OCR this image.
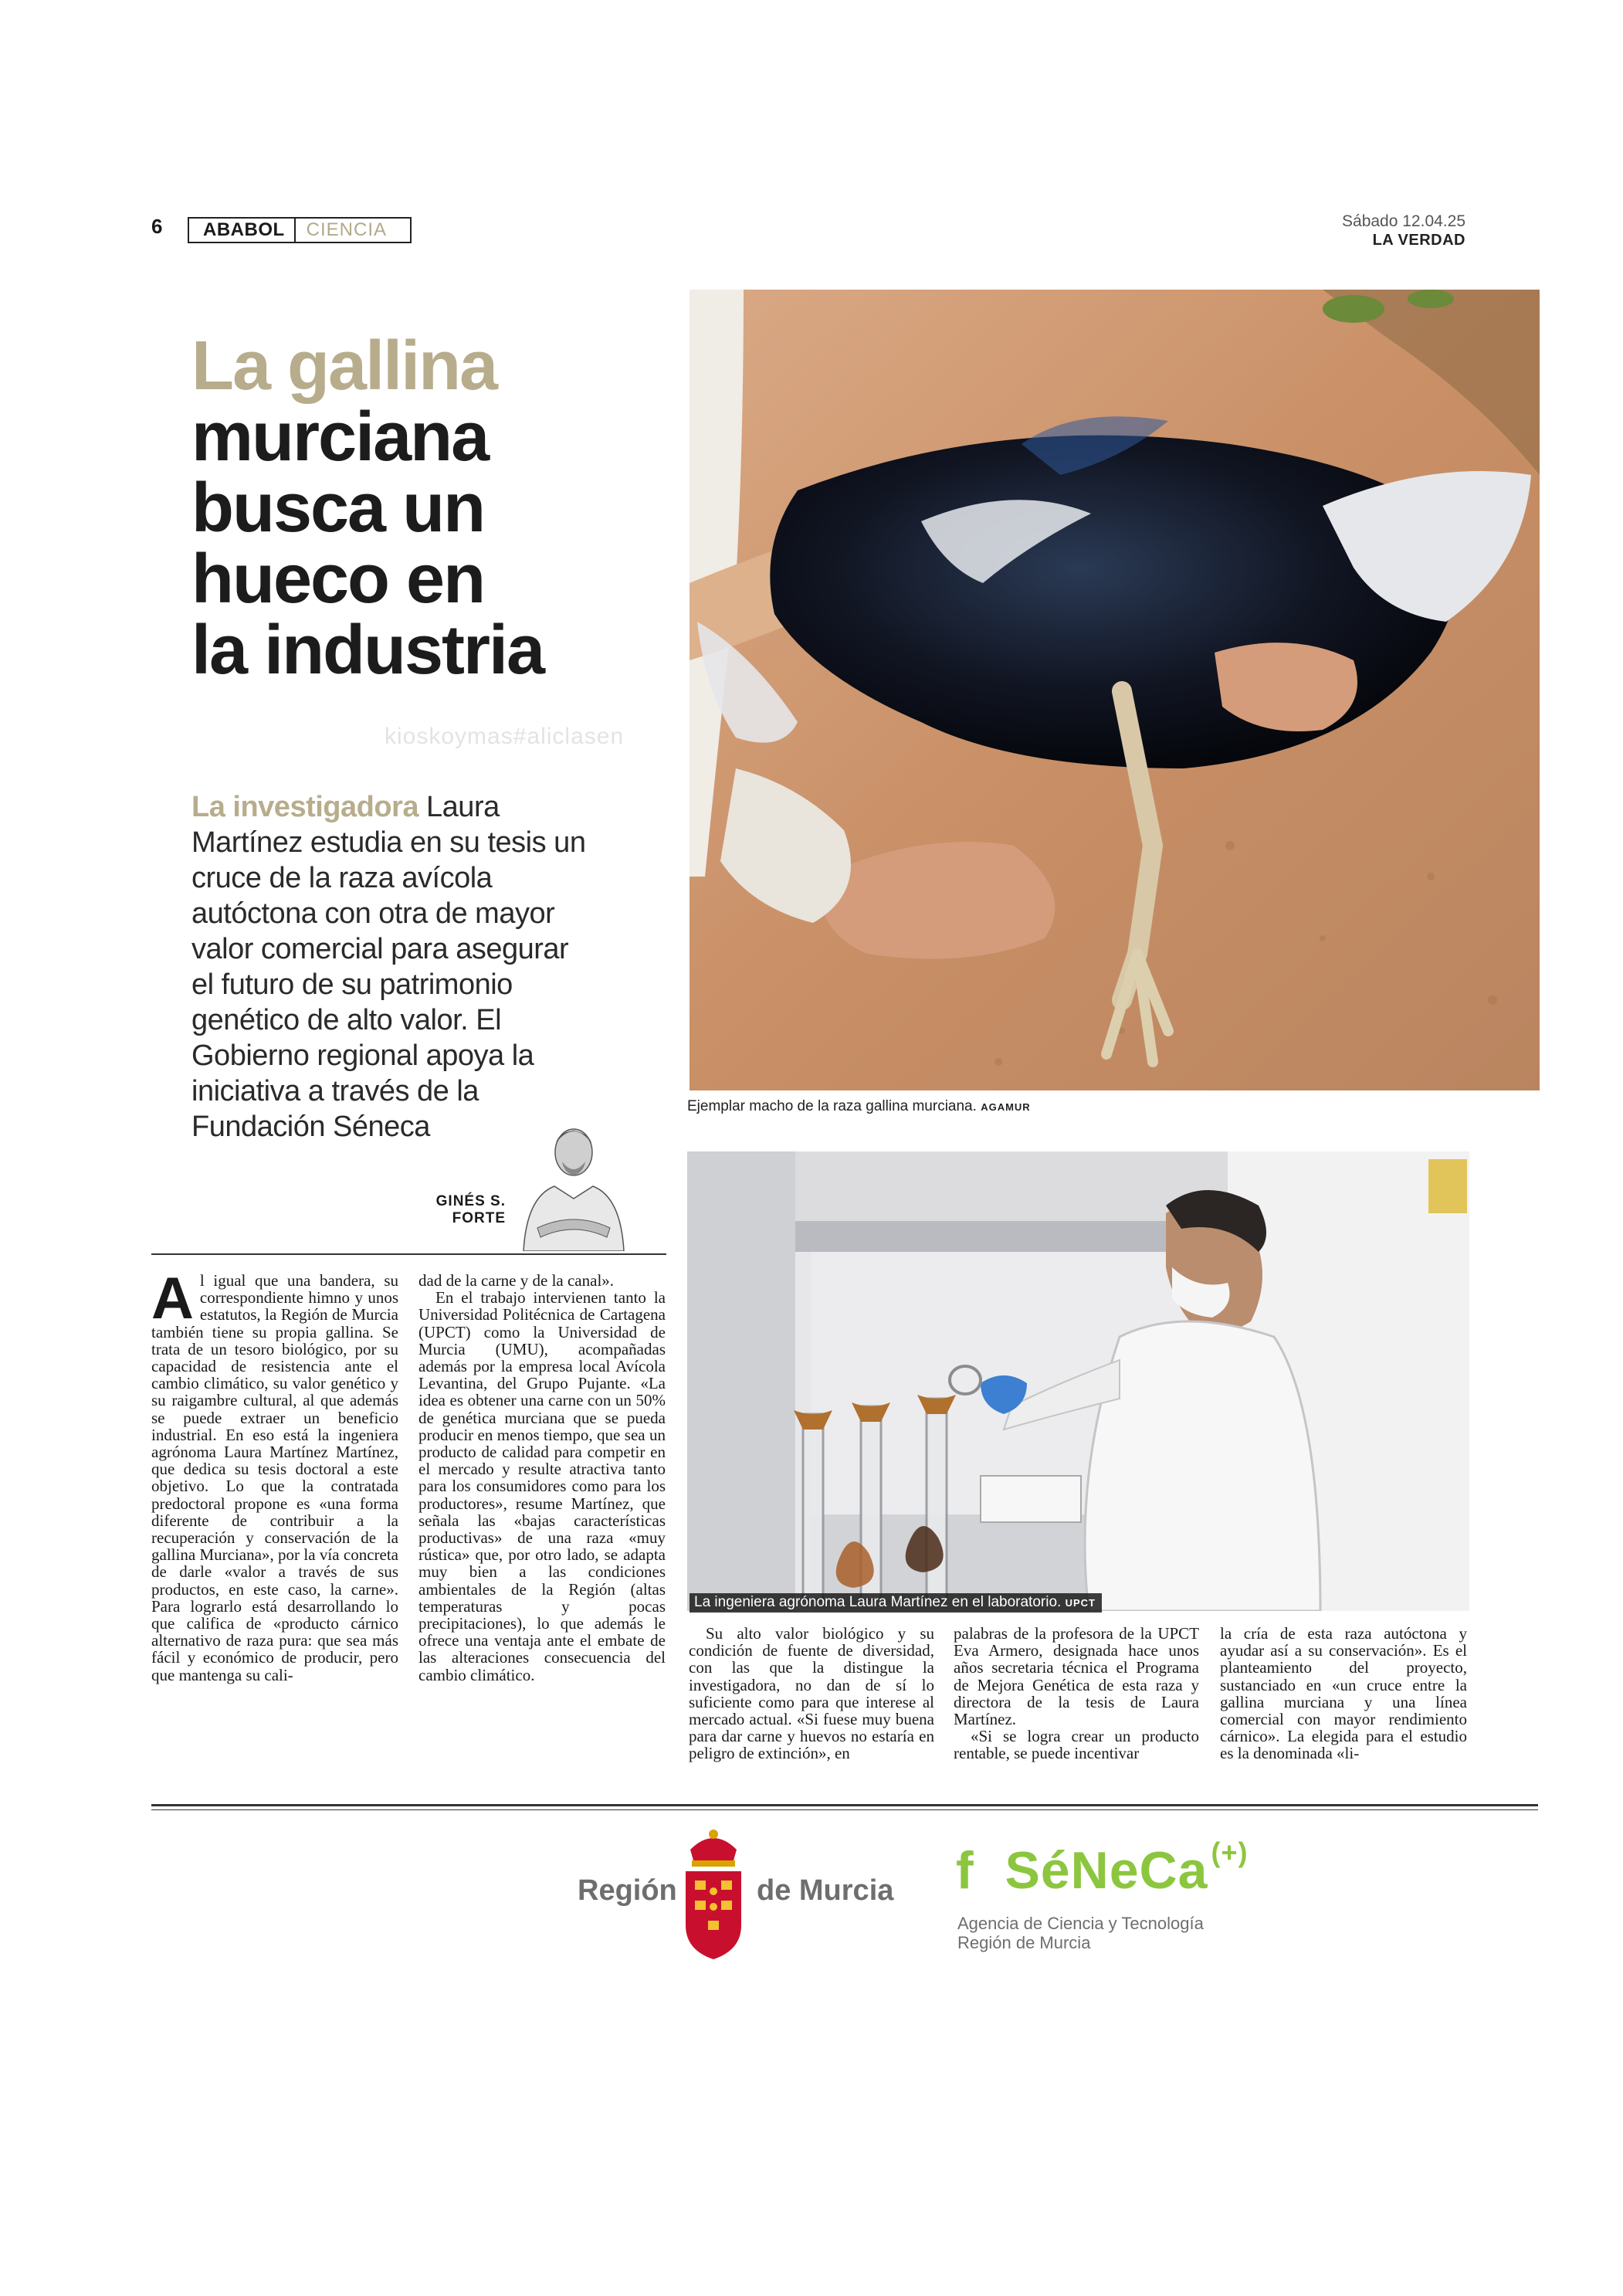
6	ABABOL	CIENCIA	Sábado 12.04.25
LA VERDAD
La gallina
murciana
busca un
hueco en
la industria
kioskoymas#aliclasen
La investigadora Laura Martínez estudia en su tesis un cruce de la raza avícola autóctona con otra de mayor valor comercial para asegurar el futuro de su patrimonio genético de alto valor. El Gobierno regional apoya la iniciativa a través de la Fundación Séneca
GINÉS S.
FORTE
Ejemplar macho de la raza gallina murciana. AGAMUR
La ingeniera agrónoma Laura Martínez en el laboratorio. UPCT

Al igual que una bandera, su correspondiente himno y unos estatutos, la Región de Murcia también tiene su propia gallina. Se trata de un tesoro biológico, por su capacidad de resistencia ante el cambio climático, su valor genético y su raigambre cultural, al que además se puede extraer un beneficio industrial. En eso está la ingeniera agrónoma Laura Martínez Martínez, que dedica su tesis doctoral a este objetivo. Lo que la contratada predoctoral propone es «una forma diferente de contribuir a la recuperación y conservación de la gallina Murciana», por la vía concreta de darle «valor a través de sus productos, en este caso, la carne». Para lograrlo está desarrollando lo que califica de «producto cárnico alternativo de raza pura: que sea más fácil y económico de producir, pero que mantenga su cali-

dad de la carne y de la canal».

En el trabajo intervienen tanto la Universidad Politécnica de Cartagena (UPCT) como la Universidad de Murcia (UMU), acompañadas además por la empresa local Avícola Levantina, del Grupo Pujante. «La idea es obtener una carne con un 50% de genética murciana que se pueda producir en menos tiempo, que sea un producto de calidad para competir en el mercado y resulte atractiva tanto para los consumidores como para los productores», resume Martínez, que señala las «bajas características productivas» de una raza «muy rústica» que, por otro lado, se adapta muy bien a las condiciones ambientales de la Región (altas temperaturas y pocas precipitaciones), lo que además le ofrece una ventaja ante el embate de las alteraciones consecuencia del cambio climático.

Su alto valor biológico y su condición de fuente de diversidad, con las que la distingue la investigadora, no dan de sí lo suficiente como para que interese al mercado actual. «Si fuese muy buena para dar carne y huevos no estaría en peligro de extinción», en

palabras de la profesora de la UPCT Eva Armero, designada hace unos años secretaria técnica el Programa de Mejora Genética de esta raza y directora de la tesis de Laura Martínez.

«Si se logra crear un producto rentable, se puede incentivar

la cría de esta raza autóctona y ayudar así a su conservación». Es el planteamiento del proyecto, sustanciado en «un cruce entre la gallina murciana y una línea comercial con mayor rendimiento cárnico». La elegida para el estudio es la denominada «li-

Región	de Murcia f SéNeCa (+)
Agencia de Ciencia y Tecnología
Región de Murcia
